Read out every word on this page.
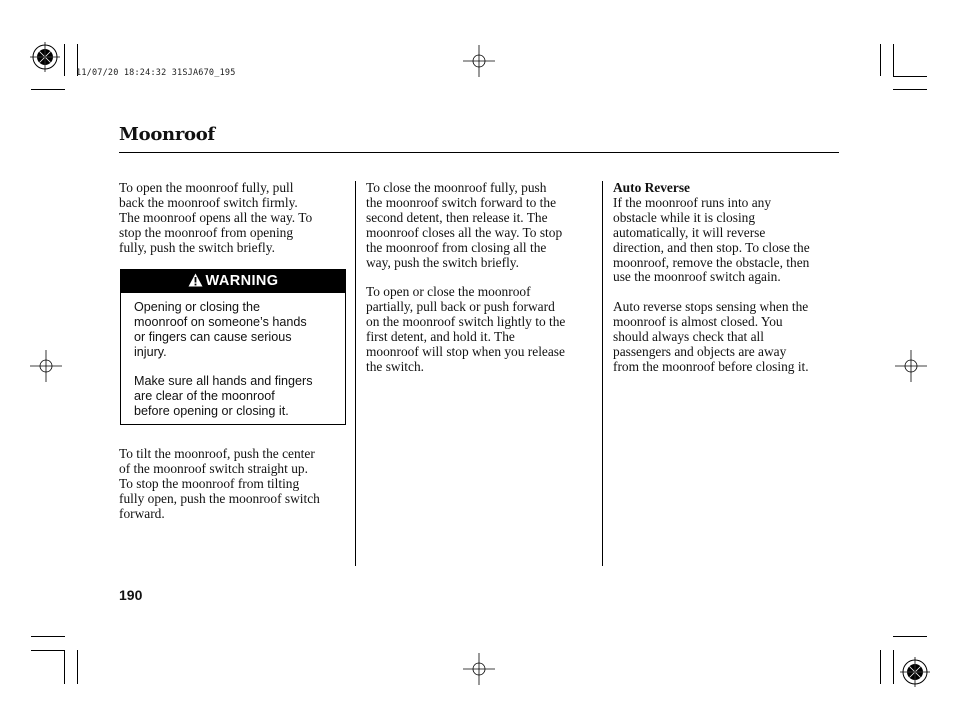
11/07/20 18:24:32 31SJA670_195
Moonroof
To open the moonroof fully, pull
back the moonroof switch firmly.
The moonroof opens all the way. To
stop the moonroof from opening
fully, push the switch briefly.
WARNING
Opening or closing the
moonroof on someone’s hands
or fingers can cause serious
injury.
Make sure all hands and fingers
are clear of the moonroof
before opening or closing it.
To tilt the moonroof, push the center
of the moonroof switch straight up.
To stop the moonroof from tilting
fully open, push the moonroof switch
forward.
To close the moonroof fully, push
the moonroof switch forward to the
second detent, then release it. The
moonroof closes all the way. To stop
the moonroof from closing all the
way, push the switch briefly.
To open or close the moonroof
partially, pull back or push forward
on the moonroof switch lightly to the
first detent, and hold it. The
moonroof will stop when you release
the switch.
Auto Reverse
If the moonroof runs into any
obstacle while it is closing
automatically, it will reverse
direction, and then stop. To close the
moonroof, remove the obstacle, then
use the moonroof switch again.
Auto reverse stops sensing when the
moonroof is almost closed. You
should always check that all
passengers and objects are away
from the moonroof before closing it.
190
